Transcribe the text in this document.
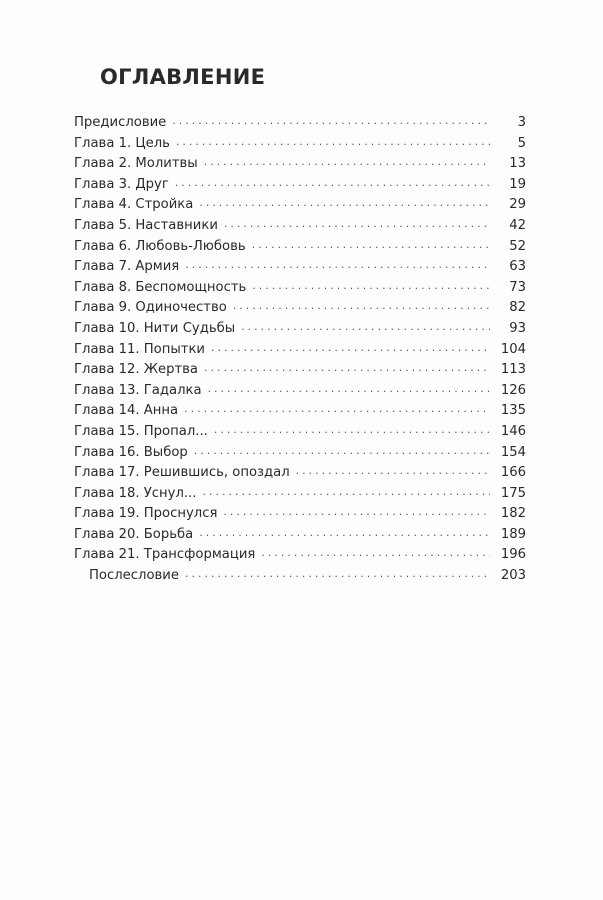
ОГЛАВЛЕНИЕ
Предисловие . . .	3
Глава 1. Цель . . .	5
Глава 2. Молитвы . . .	13
Глава 3. Друг . . .	19
Глава 4. Стройка . . .	29
Глава 5. Наставники . . .	42
Глава 6. Любовь-Любовь . . .	52
Глава 7. Армия . . .	63
Глава 8. Беспомощность . . .	73
Глава 9. Одиночество . . .	82
Глава 10. Нити Судьбы . . .	93
Глава 11. Попытки . . .	104
Глава 12. Жертва . . .	113
Глава 13. Гадалка . . .	126
Глава 14. Анна . . .	135
Глава 15. Пропал... . . .	146
Глава 16. Выбор . . .	154
Глава 17. Решившись, опоздал . . .	166
Глава 18. Уснул... . . .	175
Глава 19. Проснулся . . .	182
Глава 20. Борьба . . .	189
Глава 21. Трансформация . . .	196
Послесловие . . .	203
